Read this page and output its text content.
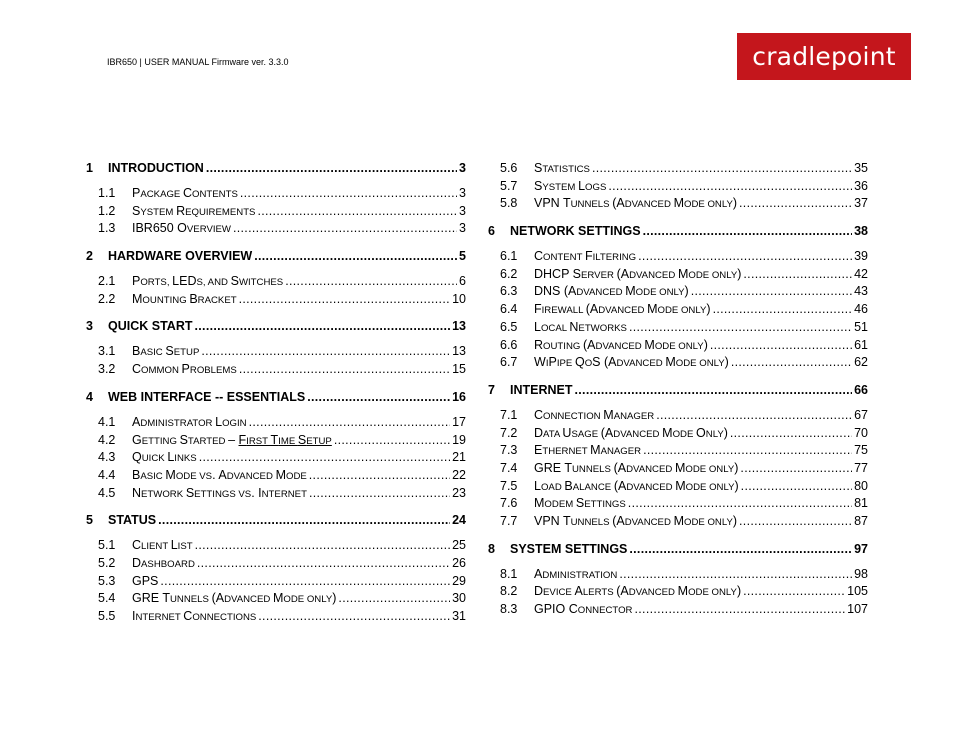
IBR650 | USER MANUAL Firmware ver. 3.3.0	cradlepoint
1	INTRODUCTION .....	3
1.1	PACKAGE CONTENTS .....	3
1.2	SYSTEM REQUIREMENTS .....	3
1.3	IBR650 OVERVIEW .....	3
2	HARDWARE OVERVIEW .....	5
2.1	PORTS, LEDS, AND SWITCHES .....	6
2.2	MOUNTING BRACKET .....	10
3	QUICK START .....	13
3.1	BASIC SETUP .....	13
3.2	COMMON PROBLEMS .....	15
4	WEB INTERFACE -- ESSENTIALS .....	16
4.1	ADMINISTRATOR LOGIN .....	17
4.2	GETTING STARTED – FIRST TIME SETUP .....	19
4.3	QUICK LINKS .....	21
4.4	BASIC MODE VS. ADVANCED MODE .....	22
4.5	NETWORK SETTINGS VS. INTERNET .....	23
5	STATUS .....	24
5.1	CLIENT LIST .....	25
5.2	DASHBOARD .....	26
5.3	GPS .....	29
5.4	GRE TUNNELS (ADVANCED MODE ONLY) .....	30
5.5	INTERNET CONNECTIONS .....	31
5.6	STATISTICS .....	35
5.7	SYSTEM LOGS .....	36
5.8	VPN TUNNELS (ADVANCED MODE ONLY) .....	37
6	NETWORK SETTINGS .....	38
6.1	CONTENT FILTERING .....	39
6.2	DHCP SERVER (ADVANCED MODE ONLY) .....	42
6.3	DNS (ADVANCED MODE ONLY) .....	43
6.4	FIREWALL (ADVANCED MODE ONLY) .....	46
6.5	LOCAL NETWORKS .....	51
6.6	ROUTING (ADVANCED MODE ONLY) .....	61
6.7	WIPIPE QOS (ADVANCED MODE ONLY) .....	62
7	INTERNET .....	66
7.1	CONNECTION MANAGER .....	67
7.2	DATA USAGE (ADVANCED MODE ONLY) .....	70
7.3	ETHERNET MANAGER .....	75
7.4	GRE TUNNELS (ADVANCED MODE ONLY) .....	77
7.5	LOAD BALANCE (ADVANCED MODE ONLY) .....	80
7.6	MODEM SETTINGS .....	81
7.7	VPN TUNNELS (ADVANCED MODE ONLY) .....	87
8	SYSTEM SETTINGS .....	97
8.1	ADMINISTRATION .....	98
8.2	DEVICE ALERTS (ADVANCED MODE ONLY) .....	105
8.3	GPIO CONNECTOR .....	107
